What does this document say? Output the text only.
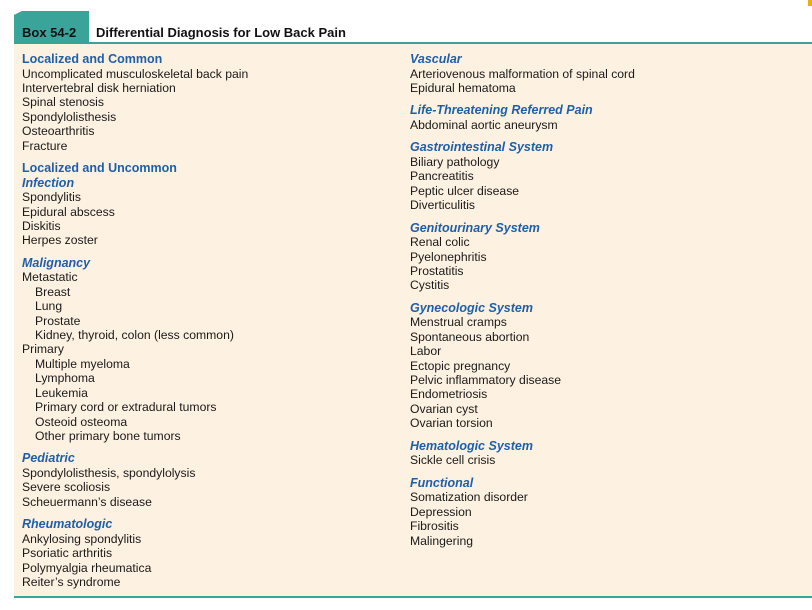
Box 54-2 Differential Diagnosis for Low Back Pain
Localized and Common
Uncomplicated musculoskeletal back pain
Intervertebral disk herniation
Spinal stenosis
Spondylolisthesis
Osteoarthritis
Fracture
Localized and Uncommon
Infection
Spondylitis
Epidural abscess
Diskitis
Herpes zoster
Malignancy
Metastatic
Breast
Lung
Prostate
Kidney, thyroid, colon (less common)
Primary
Multiple myeloma
Lymphoma
Leukemia
Primary cord or extradural tumors
Osteoid osteoma
Other primary bone tumors
Pediatric
Spondylolisthesis, spondylolysis
Severe scoliosis
Scheuermann’s disease
Rheumatologic
Ankylosing spondylitis
Psoriatic arthritis
Polymyalgia rheumatica
Reiter’s syndrome
Vascular
Arteriovenous malformation of spinal cord
Epidural hematoma
Life-Threatening Referred Pain
Abdominal aortic aneurysm
Gastrointestinal System
Biliary pathology
Pancreatitis
Peptic ulcer disease
Diverticulitis
Genitourinary System
Renal colic
Pyelonephritis
Prostatitis
Cystitis
Gynecologic System
Menstrual cramps
Spontaneous abortion
Labor
Ectopic pregnancy
Pelvic inflammatory disease
Endometriosis
Ovarian cyst
Ovarian torsion
Hematologic System
Sickle cell crisis
Functional
Somatization disorder
Depression
Fibrositis
Malingering
